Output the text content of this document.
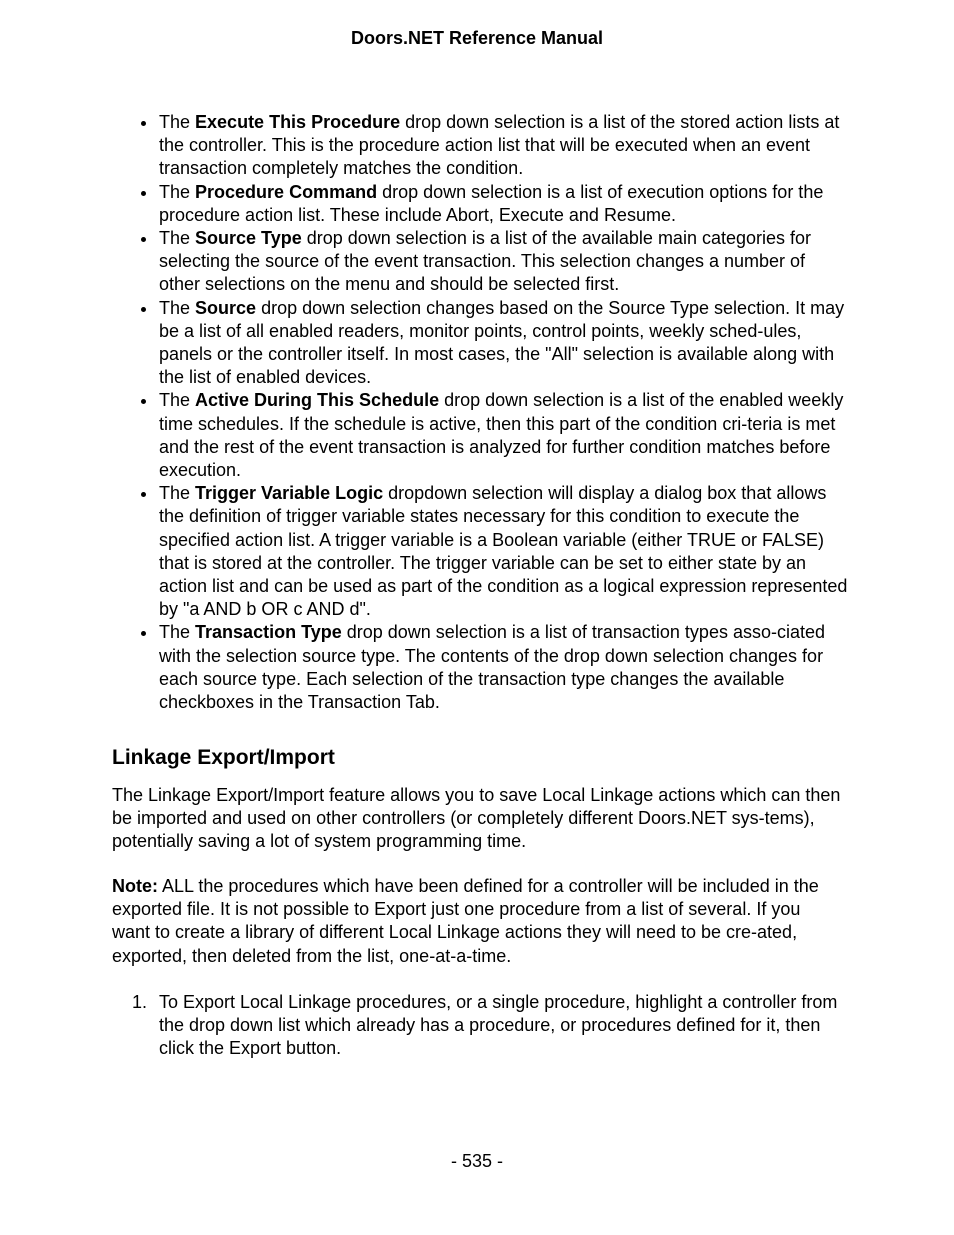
Doors.NET Reference Manual
The Execute This Procedure drop down selection is a list of the stored action lists at the controller. This is the procedure action list that will be executed when an event transaction completely matches the condition.
The Procedure Command drop down selection is a list of execution options for the procedure action list. These include Abort, Execute and Resume.
The Source Type drop down selection is a list of the available main categories for selecting the source of the event transaction. This selection changes a number of other selections on the menu and should be selected first.
The Source drop down selection changes based on the Source Type selection. It may be a list of all enabled readers, monitor points, control points, weekly sched-ules, panels or the controller itself. In most cases, the "All" selection is available along with the list of enabled devices.
The Active During This Schedule drop down selection is a list of the enabled weekly time schedules. If the schedule is active, then this part of the condition cri-teria is met and the rest of the event transaction is analyzed for further condition matches before execution.
The Trigger Variable Logic dropdown selection will display a dialog box that allows the definition of trigger variable states necessary for this condition to execute the specified action list. A trigger variable is a Boolean variable (either TRUE or FALSE) that is stored at the controller. The trigger variable can be set to either state by an action list and can be used as part of the condition as a logical expression represented by "a AND b OR c AND d".
The Transaction Type drop down selection is a list of transaction types asso-ciated with the selection source type. The contents of the drop down selection changes for each source type. Each selection of the transaction type changes the available checkboxes in the Transaction Tab.
Linkage Export/Import

The Linkage Export/Import feature allows you to save Local Linkage actions which can then be imported and used on other controllers (or completely different Doors.NET sys-tems), potentially saving a lot of system programming time.

Note: ALL the procedures which have been defined for a controller will be included in the exported file. It is not possible to Export just one procedure from a list of several. If you want to create a library of different Local Linkage actions they will need to be cre-ated, exported, then deleted from the list, one-at-a-time.

1. To Export Local Linkage procedures, or a single procedure, highlight a controller from the drop down list which already has a procedure, or procedures defined for it, then click the Export button.
- 535 -
